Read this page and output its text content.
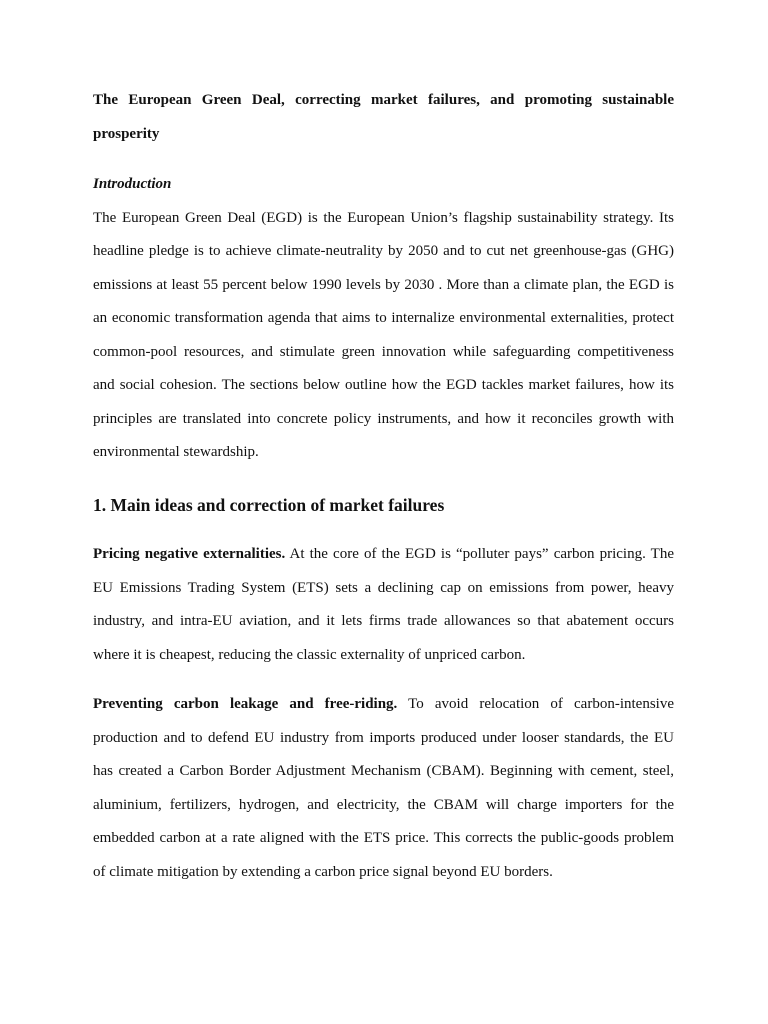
The European Green Deal, correcting market failures, and promoting sustainable prosperity
Introduction

The European Green Deal (EGD) is the European Union’s flagship sustainability strategy. Its headline pledge is to achieve climate-neutrality by 2050 and to cut net greenhouse-gas (GHG) emissions at least 55 percent below 1990 levels by 2030 . More than a climate plan, the EGD is an economic transformation agenda that aims to internalize environmental externalities, protect common-pool resources, and stimulate green innovation while safeguarding competitiveness and social cohesion. The sections below outline how the EGD tackles market failures, how its principles are translated into concrete policy instruments, and how it reconciles growth with environmental stewardship.

1. Main ideas and correction of market failures

Pricing negative externalities. At the core of the EGD is “polluter pays” carbon pricing. The EU Emissions Trading System (ETS) sets a declining cap on emissions from power, heavy industry, and intra-EU aviation, and it lets firms trade allowances so that abatement occurs where it is cheapest, reducing the classic externality of unpriced carbon.

Preventing carbon leakage and free-riding. To avoid relocation of carbon-intensive production and to defend EU industry from imports produced under looser standards, the EU has created a Carbon Border Adjustment Mechanism (CBAM). Beginning with cement, steel, aluminium, fertilizers, hydrogen, and electricity, the CBAM will charge importers for the embedded carbon at a rate aligned with the ETS price. This corrects the public-goods problem of climate mitigation by extending a carbon price signal beyond EU borders.
